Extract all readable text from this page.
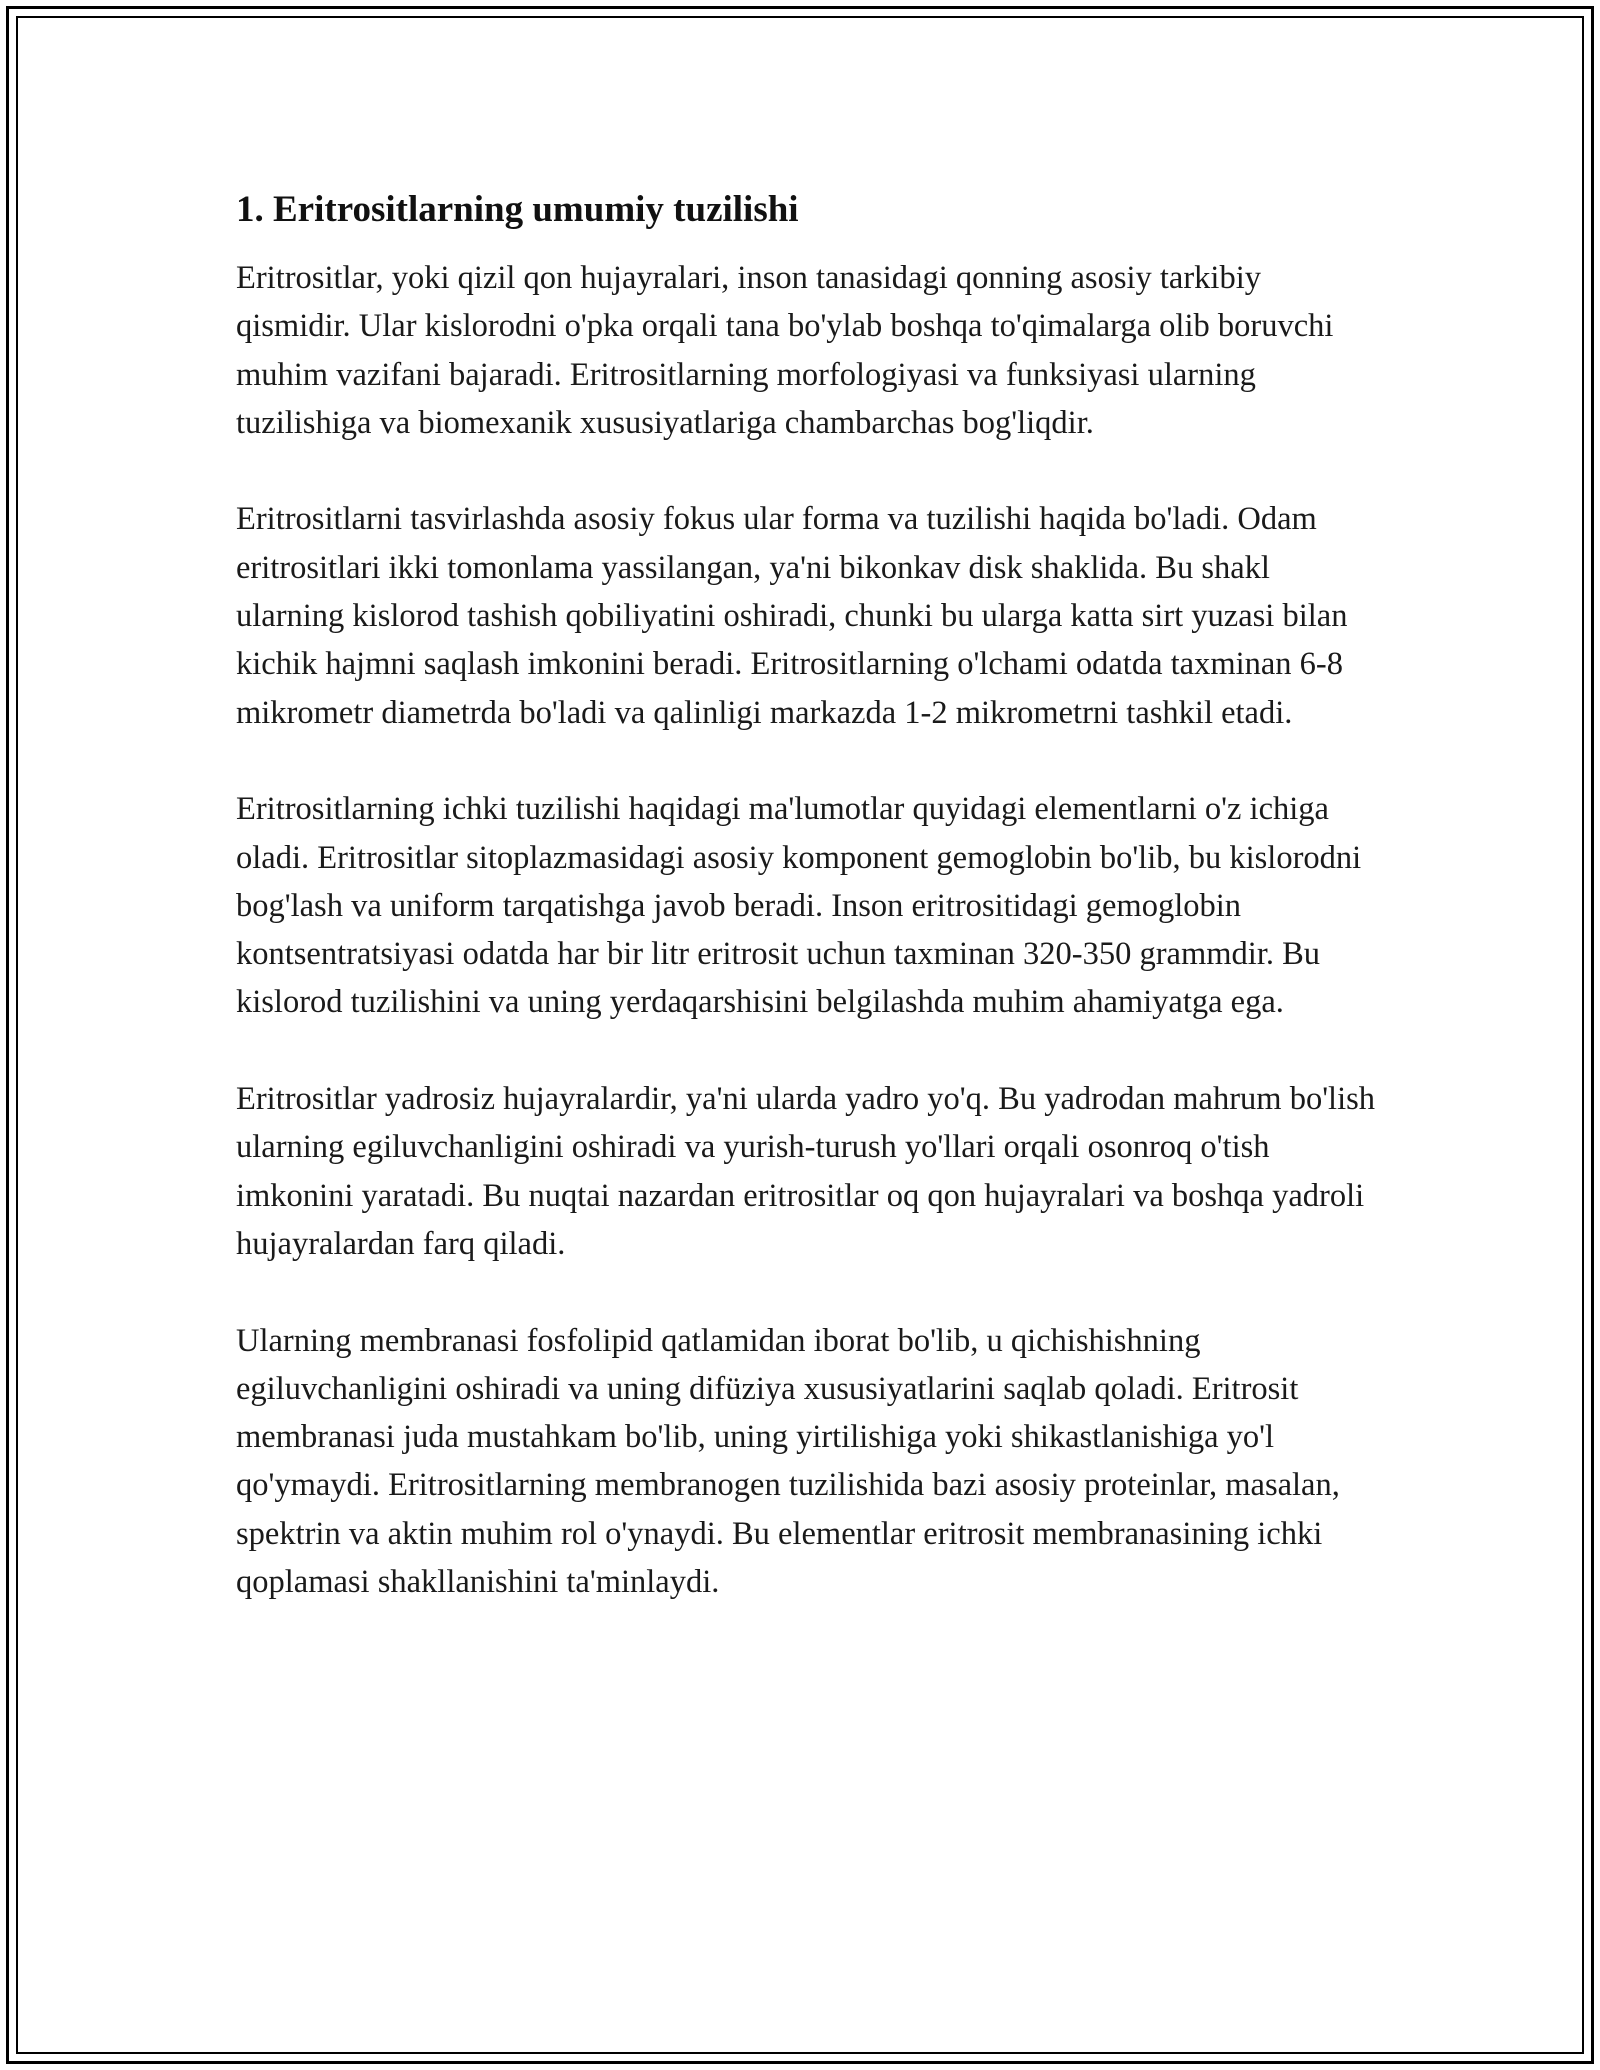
1. Eritrositlarning umumiy tuzilishi

Eritrositlar, yoki qizil qon hujayralari, inson tanasidagi qonning asosiy tarkibiy qismidir. Ular kislorodni o'pka orqali tana bo'ylab boshqa to'qimalarga olib boruvchi muhim vazifani bajaradi. Eritrositlarning morfologiyasi va funksiyasi ularning tuzilishiga va biomexanik xususiyatlariga chambarchas bog'liqdir.

Eritrositlarni tasvirlashda asosiy fokus ular forma va tuzilishi haqida bo'ladi. Odam eritrositlari ikki tomonlama yassilangan, ya'ni bikonkav disk shaklida. Bu shakl ularning kislorod tashish qobiliyatini oshiradi, chunki bu ularga katta sirt yuzasi bilan kichik hajmni saqlash imkonini beradi. Eritrositlarning o'lchami odatda taxminan 6-8 mikrometr diametrda bo'ladi va qalinligi markazda 1-2 mikrometrni tashkil etadi.

Eritrositlarning ichki tuzilishi haqidagi ma'lumotlar quyidagi elementlarni o'z ichiga oladi. Eritrositlar sitoplazmasidagi asosiy komponent gemoglobin bo'lib, bu kislorodni bog'lash va uniform tarqatishga javob beradi. Inson eritrositidagi gemoglobin kontsentratsiyasi odatda har bir litr eritrosit uchun taxminan 320-350 grammdir. Bu kislorod tuzilishini va uning yerdaqarshisini belgilashda muhim ahamiyatga ega.

Eritrositlar yadrosiz hujayralardir, ya'ni ularda yadro yo'q. Bu yadrodan mahrum bo'lish ularning egiluvchanligini oshiradi va yurish-turush yo'llari orqali osonroq o'tish imkonini yaratadi. Bu nuqtai nazardan eritrositlar oq qon hujayralari va boshqa yadroli hujayralardan farq qiladi.

Ularning membranasi fosfolipid qatlamidan iborat bo'lib, u qichishishning egiluvchanligini oshiradi va uning difüziya xususiyatlarini saqlab qoladi. Eritrosit membranasi juda mustahkam bo'lib, uning yirtilishiga yoki shikastlanishiga yo'l qo'ymaydi. Eritrositlarning membranogen tuzilishida bazi asosiy proteinlar, masalan, spektrin va aktin muhim rol o'ynaydi. Bu elementlar eritrosit membranasining ichki qoplamasi shakllanishini ta'minlaydi.
